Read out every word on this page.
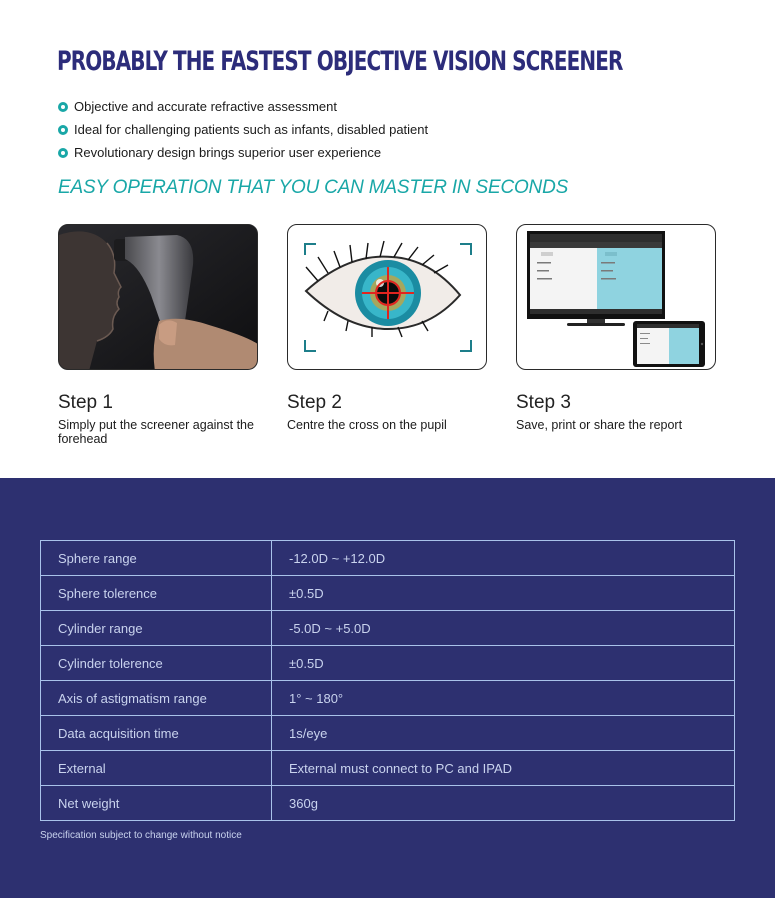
PROBABLY THE FASTEST OBJECTIVE VISION SCREENER
Objective and accurate refractive assessment
Ideal for challenging patients such as infants, disabled patient
Revolutionary design brings superior user experience
EASY OPERATION THAT YOU CAN MASTER IN SECONDS
Step 1
Simply put the screener against the forehead
Step 2
Centre the cross on the pupil
Step 3
Save, print or share the report
Sphere range	-12.0D ~ +12.0D
Sphere tolerence	±0.5D
Cylinder range	-5.0D ~ +5.0D
Cylinder tolerence	±0.5D
Axis of astigmatism range	1° ~ 180°
Data acquisition time	1s/eye
External	External must connect to PC and IPAD
Net weight	360g
Specification subject to change without notice
